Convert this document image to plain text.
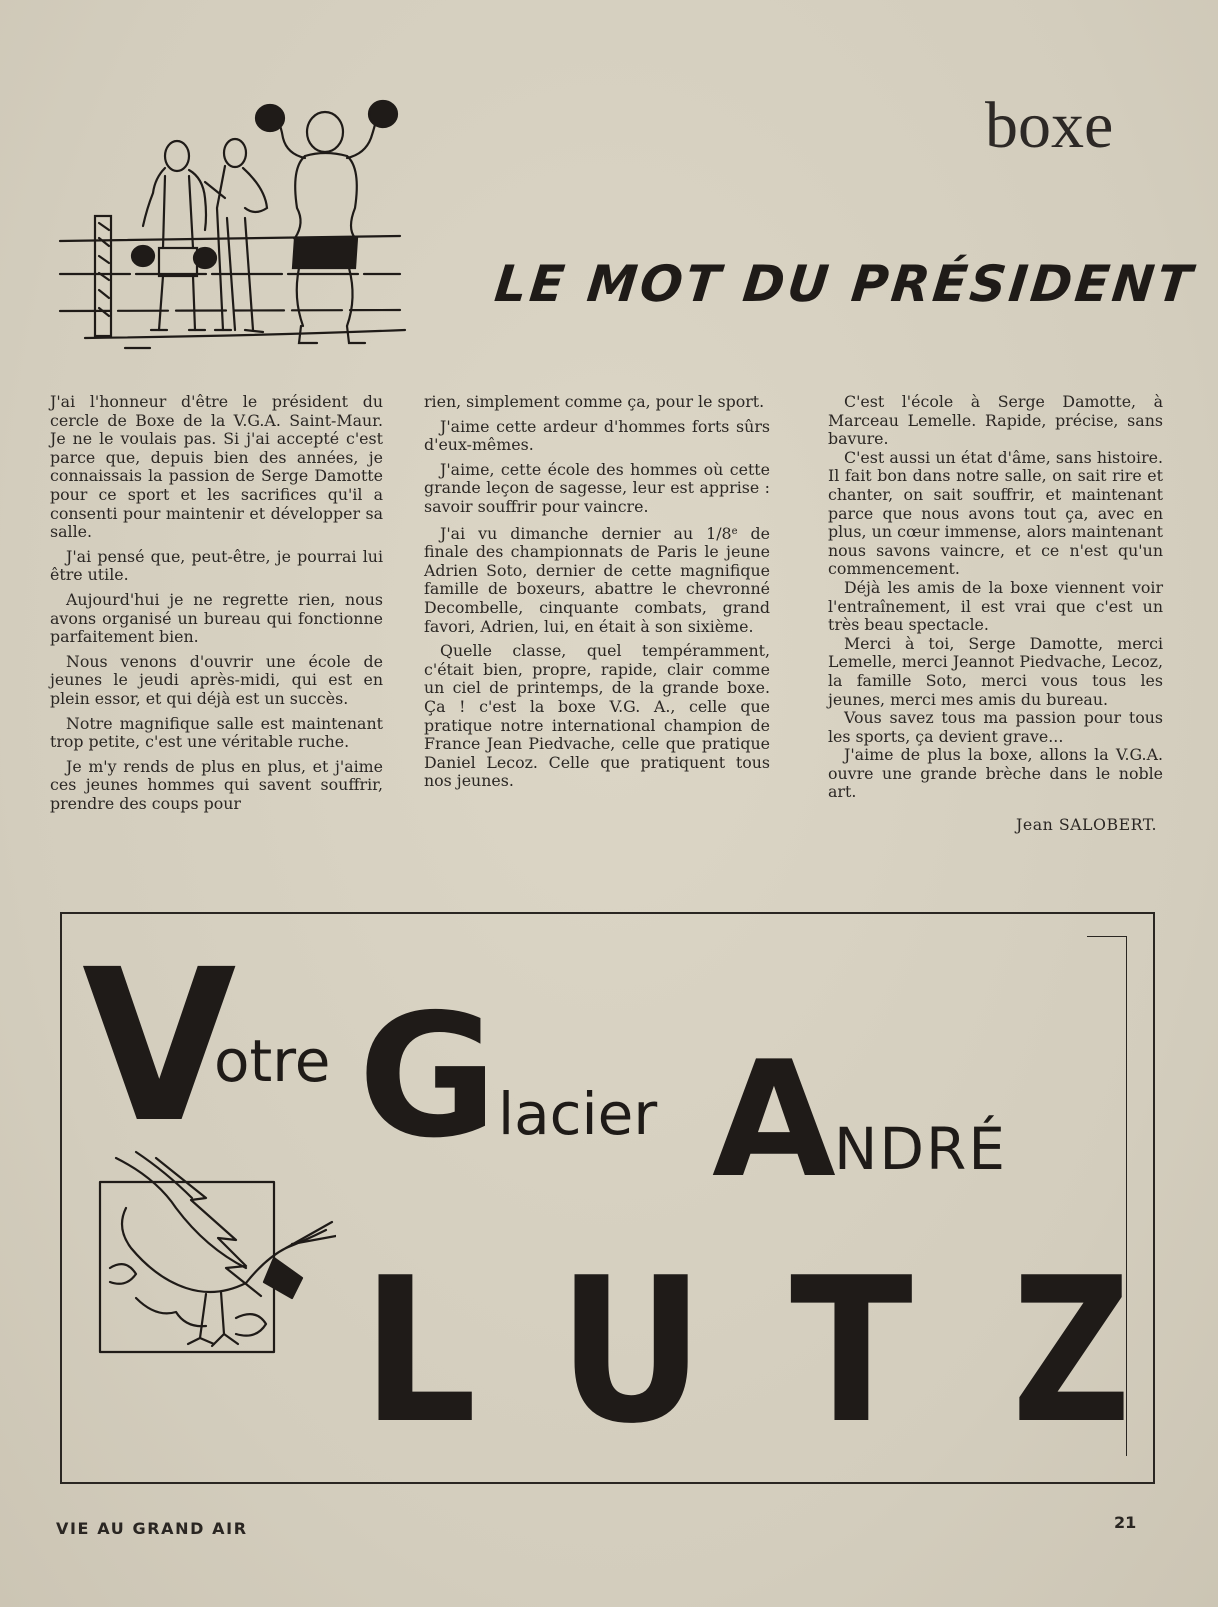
boxe
LE MOT DU PRÉSIDENT

J'ai l'honneur d'être le président du cercle de Boxe de la V.G.A. Saint-Maur. Je ne le voulais pas. Si j'ai accepté c'est parce que, depuis bien des années, je connaissais la passion de Serge Damotte pour ce sport et les sacrifices qu'il a consenti pour maintenir et développer sa salle.

J'ai pensé que, peut-être, je pourrai lui être utile.

Aujourd'hui je ne regrette rien, nous avons organisé un bureau qui fonctionne parfaitement bien.

Nous venons d'ouvrir une école de jeunes le jeudi après-midi, qui est en plein essor, et qui déjà est un succès.

Notre magnifique salle est maintenant trop petite, c'est une véritable ruche.

Je m'y rends de plus en plus, et j'aime ces jeunes hommes qui savent souffrir, prendre des coups pour

rien, simplement comme ça, pour le sport.

J'aime cette ardeur d'hommes forts sûrs d'eux-mêmes.

J'aime, cette école des hommes où cette grande leçon de sagesse, leur est apprise : savoir souffrir pour vaincre.

J'ai vu dimanche dernier au 1/8e de finale des championnats de Paris le jeune Adrien Soto, dernier de cette magnifique famille de boxeurs, abattre le chevronné Decombelle, cinquante combats, grand favori, Adrien, lui, en était à son sixième.

Quelle classe, quel tempéramment, c'était bien, propre, rapide, clair comme un ciel de printemps, de la grande boxe. Ça ! c'est la boxe V.G. A., celle que pratique notre international champion de France Jean Piedvache, celle que pratique Daniel Lecoz. Celle que pratiquent tous nos jeunes.

C'est l'école à Serge Damotte, à Marceau Lemelle. Rapide, précise, sans bavure.

C'est aussi un état d'âme, sans histoire. Il fait bon dans notre salle, on sait rire et chanter, on sait souffrir, et maintenant parce que nous avons tout ça, avec en plus, un cœur immense, alors maintenant nous savons vaincre, et ce n'est qu'un commencement.

Déjà les amis de la boxe viennent voir l'entraînement, il est vrai que c'est un très beau spectacle.

Merci à toi, Serge Damotte, merci Lemelle, merci Jeannot Piedvache, Lecoz, la famille Soto, merci vous tous les jeunes, merci mes amis du bureau.

Vous savez tous ma passion pour tous les sports, ça devient grave...

J'aime de plus la boxe, allons la V.G.A. ouvre une grande brèche dans le noble art.

Jean SALOBERT.
V
otre G lacier A
NDRÉ
L U T Z
VIE AU GRAND AIR	21
